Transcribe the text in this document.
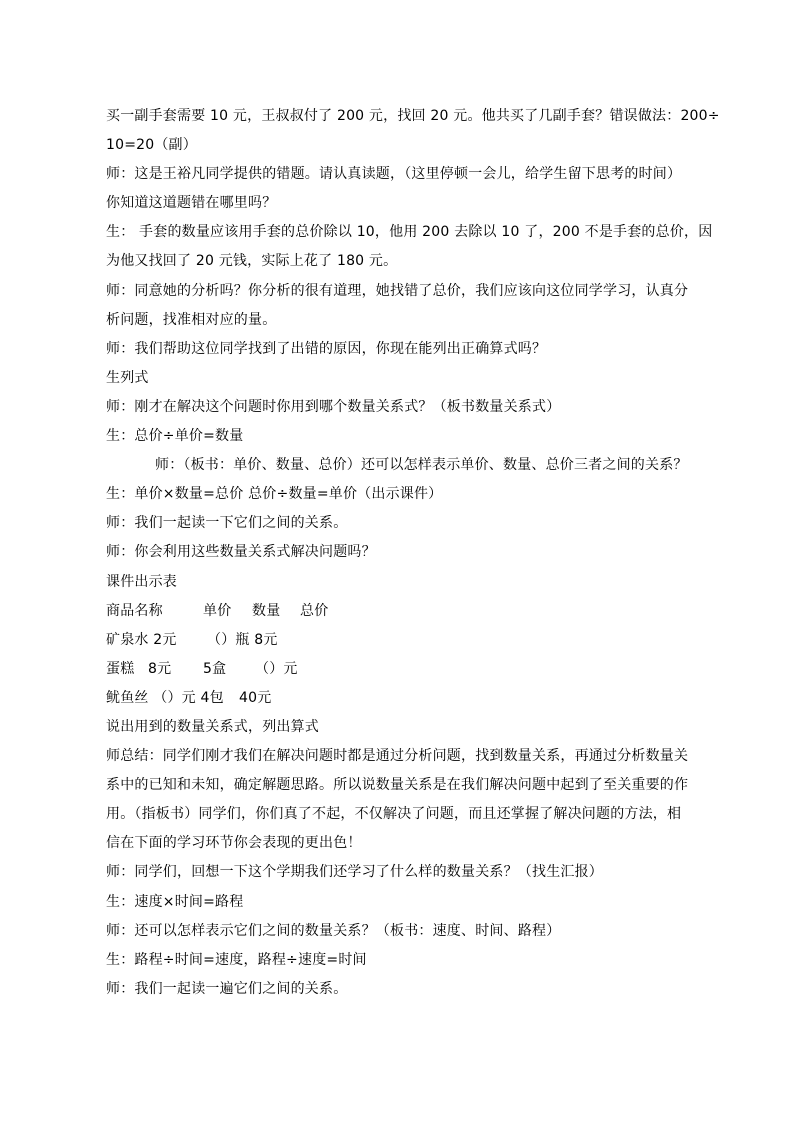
买一副手套需要 10 元，王叔叔付了 200 元，找回 20 元。他共买了几副手套？错误做法：200÷
10=20（副）
师：这是王裕凡同学提供的错题。请认真读题，（这里停顿一会儿，给学生留下思考的时间）
你知道这道题错在哪里吗？
生： 手套的数量应该用手套的总价除以 10，他用 200 去除以 10 了，200 不是手套的总价，因
为他又找回了 20 元钱，实际上花了 180 元。
师：同意她的分析吗？你分析的很有道理，她找错了总价，我们应该向这位同学学习，认真分
析问题，找准相对应的量。
师：我们帮助这位同学找到了出错的原因，你现在能列出正确算式吗？
生列式
师：刚才在解决这个问题时你用到哪个数量关系式？（板书数量关系式）
生：总价÷单价=数量
师：（板书：单价、数量、总价）还可以怎样表示单价、数量、总价三者之间的关系？
生：单价×数量=总价 总价÷数量=单价（出示课件）
师：我们一起读一下它们之间的关系。
师：你会利用这些数量关系式解决问题吗？
课件出示表
商品名称	单价 数量 总价
矿泉水 2元 （）瓶 8元
蛋糕 8元 5盒 （）元
鱿鱼丝 （）元 4包 40元
说出用到的数量关系式，列出算式
师总结：同学们刚才我们在解决问题时都是通过分析问题，找到数量关系，再通过分析数量关
系中的已知和未知，确定解题思路。所以说数量关系是在我们解决问题中起到了至关重要的作
用。（指板书）同学们，你们真了不起，不仅解决了问题，而且还掌握了解决问题的方法，相
信在下面的学习环节你会表现的更出色！
师：同学们，回想一下这个学期我们还学习了什么样的数量关系？（找生汇报）
生：速度×时间=路程
师：还可以怎样表示它们之间的数量关系？（板书：速度、时间、路程）
生：路程÷时间=速度，路程÷速度=时间
师：我们一起读一遍它们之间的关系。
